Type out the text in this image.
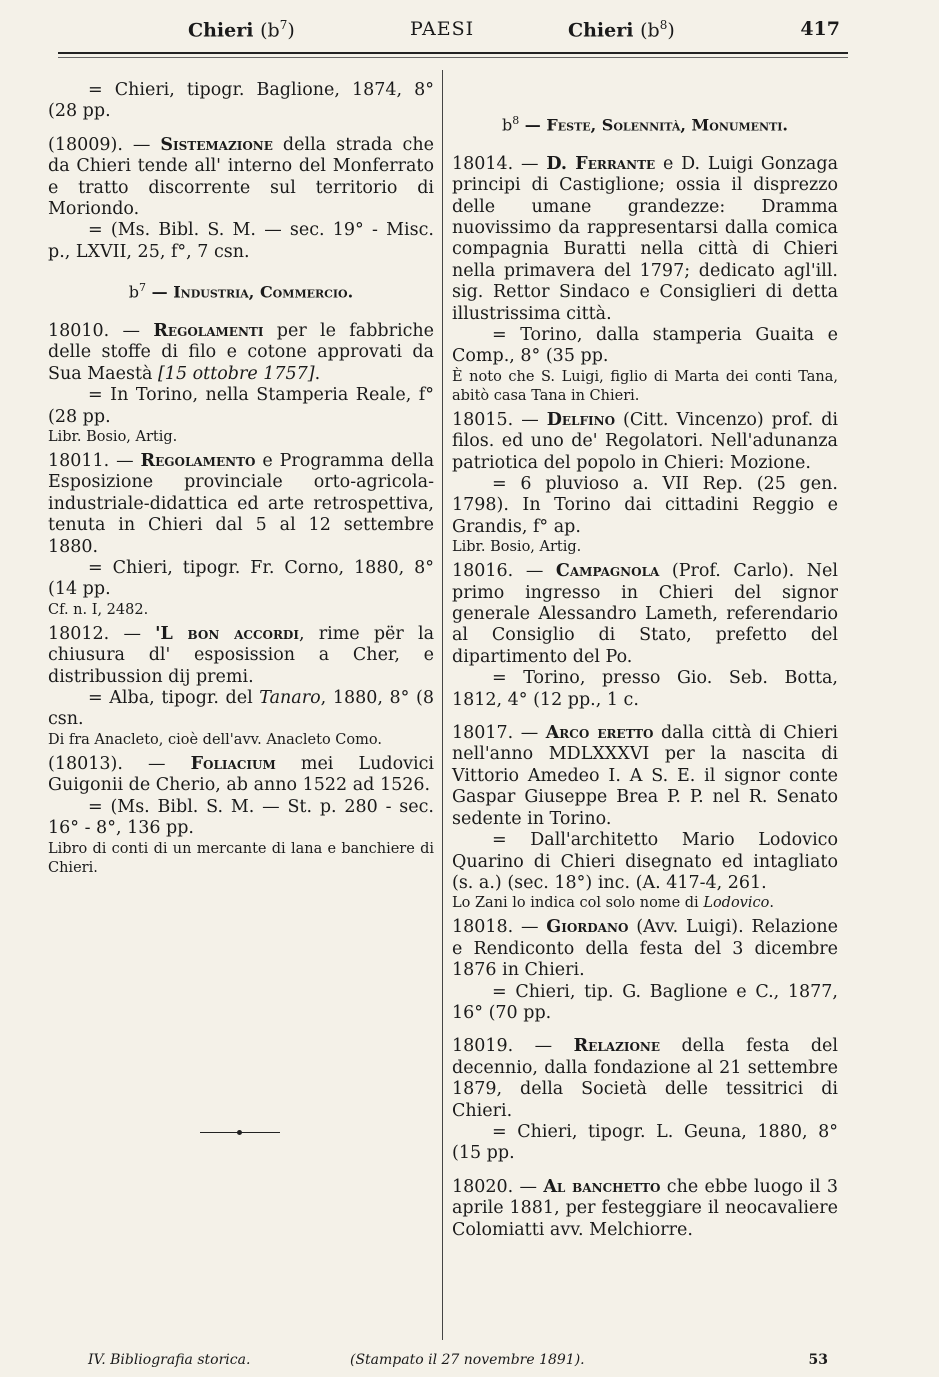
Chieri $(b^7)$	PAESI	Chieri $(b^8)$	417

= Chieri, tipogr. Baglione, 1874, 8° (28 pp.

(18009). — Sistemazione della strada che da Chieri tende all' interno del Monferrato e tratto discorrente sul territorio di Moriondo.

= (Ms. Bibl. S. M. — sec. 19° - Misc. p., LXVII, 25, f°, 7 csn.

$b^7$ — Industria, Commercio.

18010. — Regolamenti per le fabbriche delle stoffe di filo e cotone approvati da Sua Maestà [15 ottobre 1757].

= In Torino, nella Stamperia Reale, f° (28 pp.

Libr. Bosio, Artig.

18011. — Regolamento e Programma della Esposizione provinciale orto-agricola-industriale-didattica ed arte retrospettiva, tenuta in Chieri dal 5 al 12 settembre 1880.

= Chieri, tipogr. Fr. Corno, 1880, 8° (14 pp.

Cf. n. I, 2482.

18012. — 'L bon accordi, rime për la chiusura dl' esposission a Cher, e distribussion dij premi.

= Alba, tipogr. del Tanaro, 1880, 8° (8 csn.

Di fra Anacleto, cioè dell'avv. Anacleto Como.

(18013). — Foliacium mei Ludovici Guigonii de Cherio, ab anno 1522 ad 1526.

= (Ms. Bibl. S. M. — St. p. 280 - sec. 16° - 8°, 136 pp.

Libro di conti di un mercante di lana e banchiere di Chieri.

$b^8$ — Feste, Solennità, Monumenti.

18014. — D. Ferrante e D. Luigi Gonzaga principi di Castiglione; ossia il disprezzo delle umane grandezze: Dramma nuovissimo da rappresentarsi dalla comica compagnia Buratti nella città di Chieri nella primavera del 1797; dedicato agl'ill. sig. Rettor Sindaco e Consiglieri di detta illustrissima città.

= Torino, dalla stamperia Guaita e Comp., 8° (35 pp.

È noto che S. Luigi, figlio di Marta dei conti Tana, abitò casa Tana in Chieri.

18015. — Delfino (Citt. Vincenzo) prof. di filos. ed uno de' Regolatori. Nell'adunanza patriotica del popolo in Chieri: Mozione.

= 6 pluvioso a. VII Rep. (25 gen. 1798). In Torino dai cittadini Reggio e Grandis, f° ap.

Libr. Bosio, Artig.

18016. — Campagnola (Prof. Carlo). Nel primo ingresso in Chieri del signor generale Alessandro Lameth, referendario al Consiglio di Stato, prefetto del dipartimento del Po.

= Torino, presso Gio. Seb. Botta, 1812, 4° (12 pp., 1 c.

18017. — Arco eretto dalla città di Chieri nell'anno MDLXXXVI per la nascita di Vittorio Amedeo I. A S. E. il signor conte Gaspar Giuseppe Brea P. P. nel R. Senato sedente in Torino.

= Dall'architetto Mario Lodovico Quarino di Chieri disegnato ed intagliato (s. a.) (sec. 18°) inc. (A. 417-4, 261.

Lo Zani lo indica col solo nome di Lodovico.

18018. — Giordano (Avv. Luigi). Relazione e Rendiconto della festa del 3 dicembre 1876 in Chieri.

= Chieri, tip. G. Baglione e C., 1877, 16° (70 pp.

18019. — Relazione della festa del decennio, dalla fondazione al 21 settembre 1879, della Società delle tessitrici di Chieri.

= Chieri, tipogr. L. Geuna, 1880, 8° (15 pp.

18020. — Al banchetto che ebbe luogo il 3 aprile 1881, per festeggiare il neocavaliere Colomiatti avv. Melchiorre.

IV. Bibliografia storica.	(Stampato il 27 novembre 1891).	53
